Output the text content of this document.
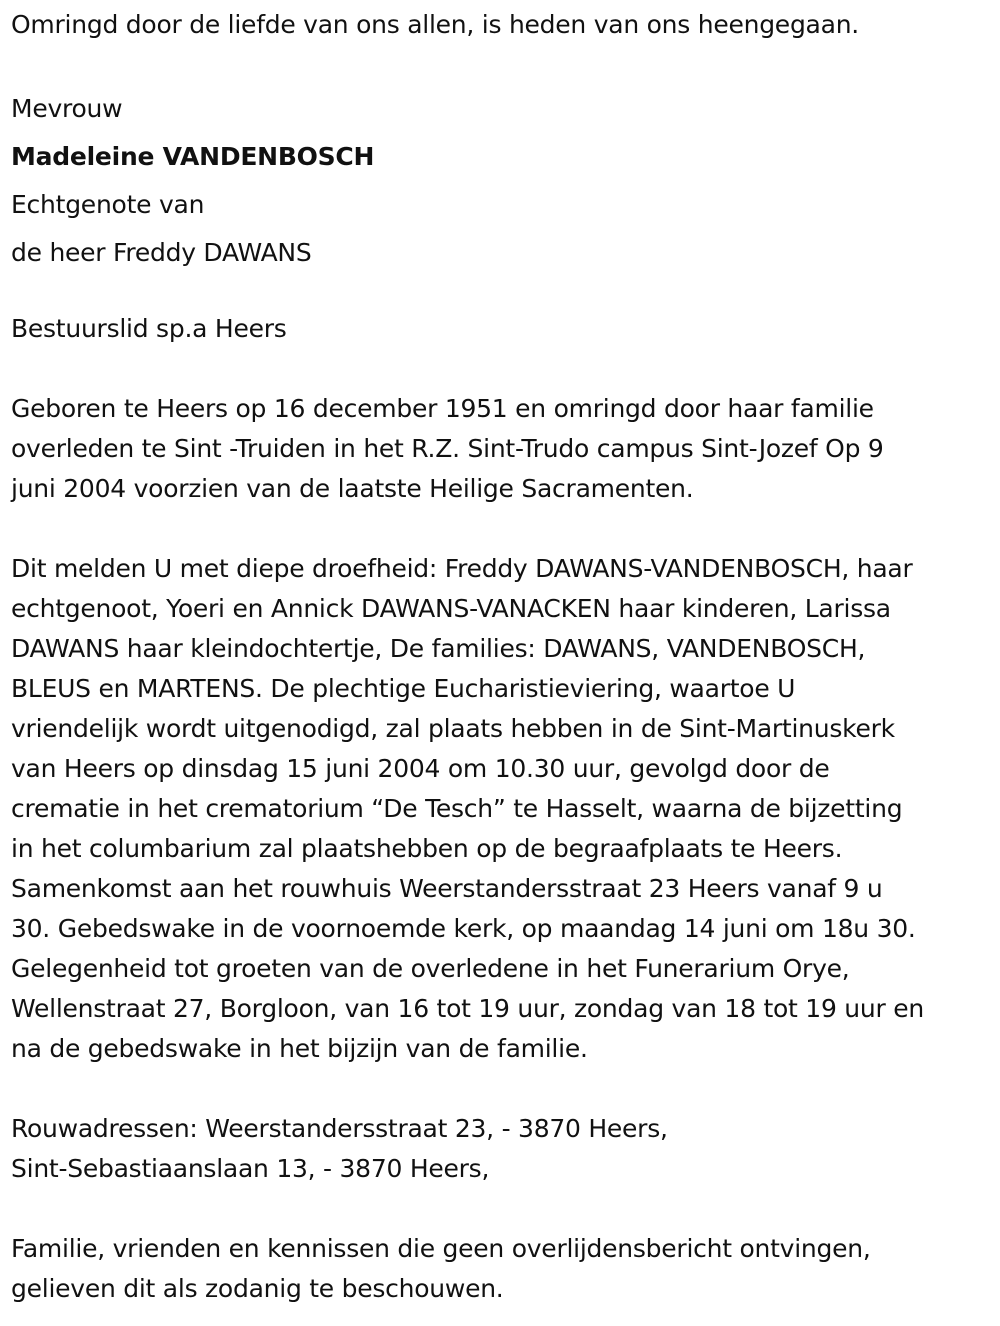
Omringd door de liefde van ons allen, is heden van ons heengegaan.
Mevrouw
Madeleine VANDENBOSCH
Echtgenote van
de heer Freddy DAWANS
Bestuurslid sp.a Heers
Geboren te Heers op 16 december 1951 en omringd door haar familie
overleden te Sint -Truiden in het R.Z. Sint-Trudo campus Sint-Jozef Op 9
juni 2004 voorzien van de laatste Heilige Sacramenten.
Dit melden U met diepe droefheid: Freddy DAWANS-VANDENBOSCH, haar
echtgenoot, Yoeri en Annick DAWANS-VANACKEN haar kinderen, Larissa
DAWANS haar kleindochtertje, De families: DAWANS, VANDENBOSCH,
BLEUS en MARTENS. De plechtige Eucharistieviering, waartoe U
vriendelijk wordt uitgenodigd, zal plaats hebben in de Sint-Martinuskerk
van Heers op dinsdag 15 juni 2004 om 10.30 uur, gevolgd door de
crematie in het crematorium “De Tesch” te Hasselt, waarna de bijzetting
in het columbarium zal plaatshebben op de begraafplaats te Heers.
Samenkomst aan het rouwhuis Weerstandersstraat 23 Heers vanaf 9 u
30. Gebedswake in de voornoemde kerk, op maandag 14 juni om 18u 30.
Gelegenheid tot groeten van de overledene in het Funerarium Orye,
Wellenstraat 27, Borgloon, van 16 tot 19 uur, zondag van 18 tot 19 uur en
na de gebedswake in het bijzijn van de familie.
Rouwadressen: Weerstandersstraat 23, - 3870 Heers,
Sint-Sebastiaanslaan 13, - 3870 Heers,
Familie, vrienden en kennissen die geen overlijdensbericht ontvingen,
gelieven dit als zodanig te beschouwen.
